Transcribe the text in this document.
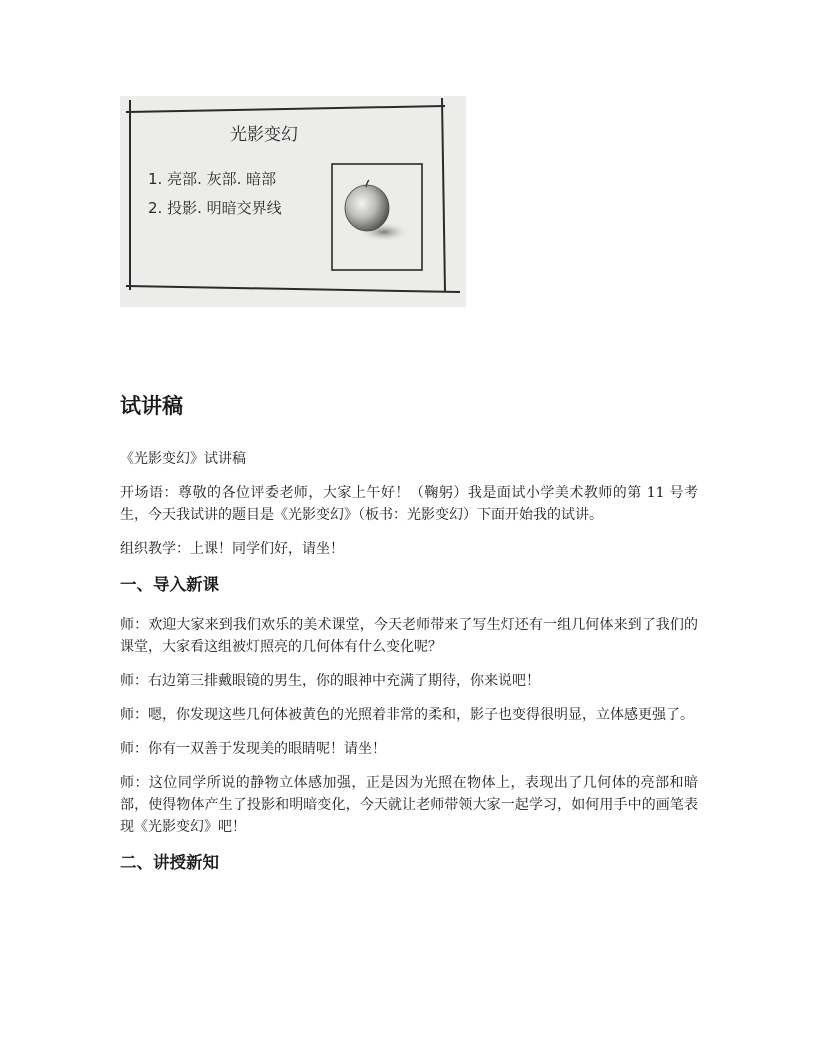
光影变幻
1. 亮部. 灰部. 暗部
2. 投影. 明暗交界线
试讲稿

《光影变幻》试讲稿

开场语：尊敬的各位评委老师，大家上午好！（鞠躬）我是面试小学美术教师的第 11 号考生，今天我试讲的题目是《光影变幻》（板书：光影变幻）下面开始我的试讲。

组织教学：上课！同学们好，请坐！

一、导入新课

师：欢迎大家来到我们欢乐的美术课堂，今天老师带来了写生灯还有一组几何体来到了我们的课堂，大家看这组被灯照亮的几何体有什么变化呢？

师：右边第三排戴眼镜的男生，你的眼神中充满了期待，你来说吧！

师：嗯，你发现这些几何体被黄色的光照着非常的柔和，影子也变得很明显，立体感更强了。

师：你有一双善于发现美的眼睛呢！请坐！

师：这位同学所说的静物立体感加强，正是因为光照在物体上，表现出了几何体的亮部和暗部，使得物体产生了投影和明暗变化，今天就让老师带领大家一起学习，如何用手中的画笔表现《光影变幻》吧！

二、讲授新知
